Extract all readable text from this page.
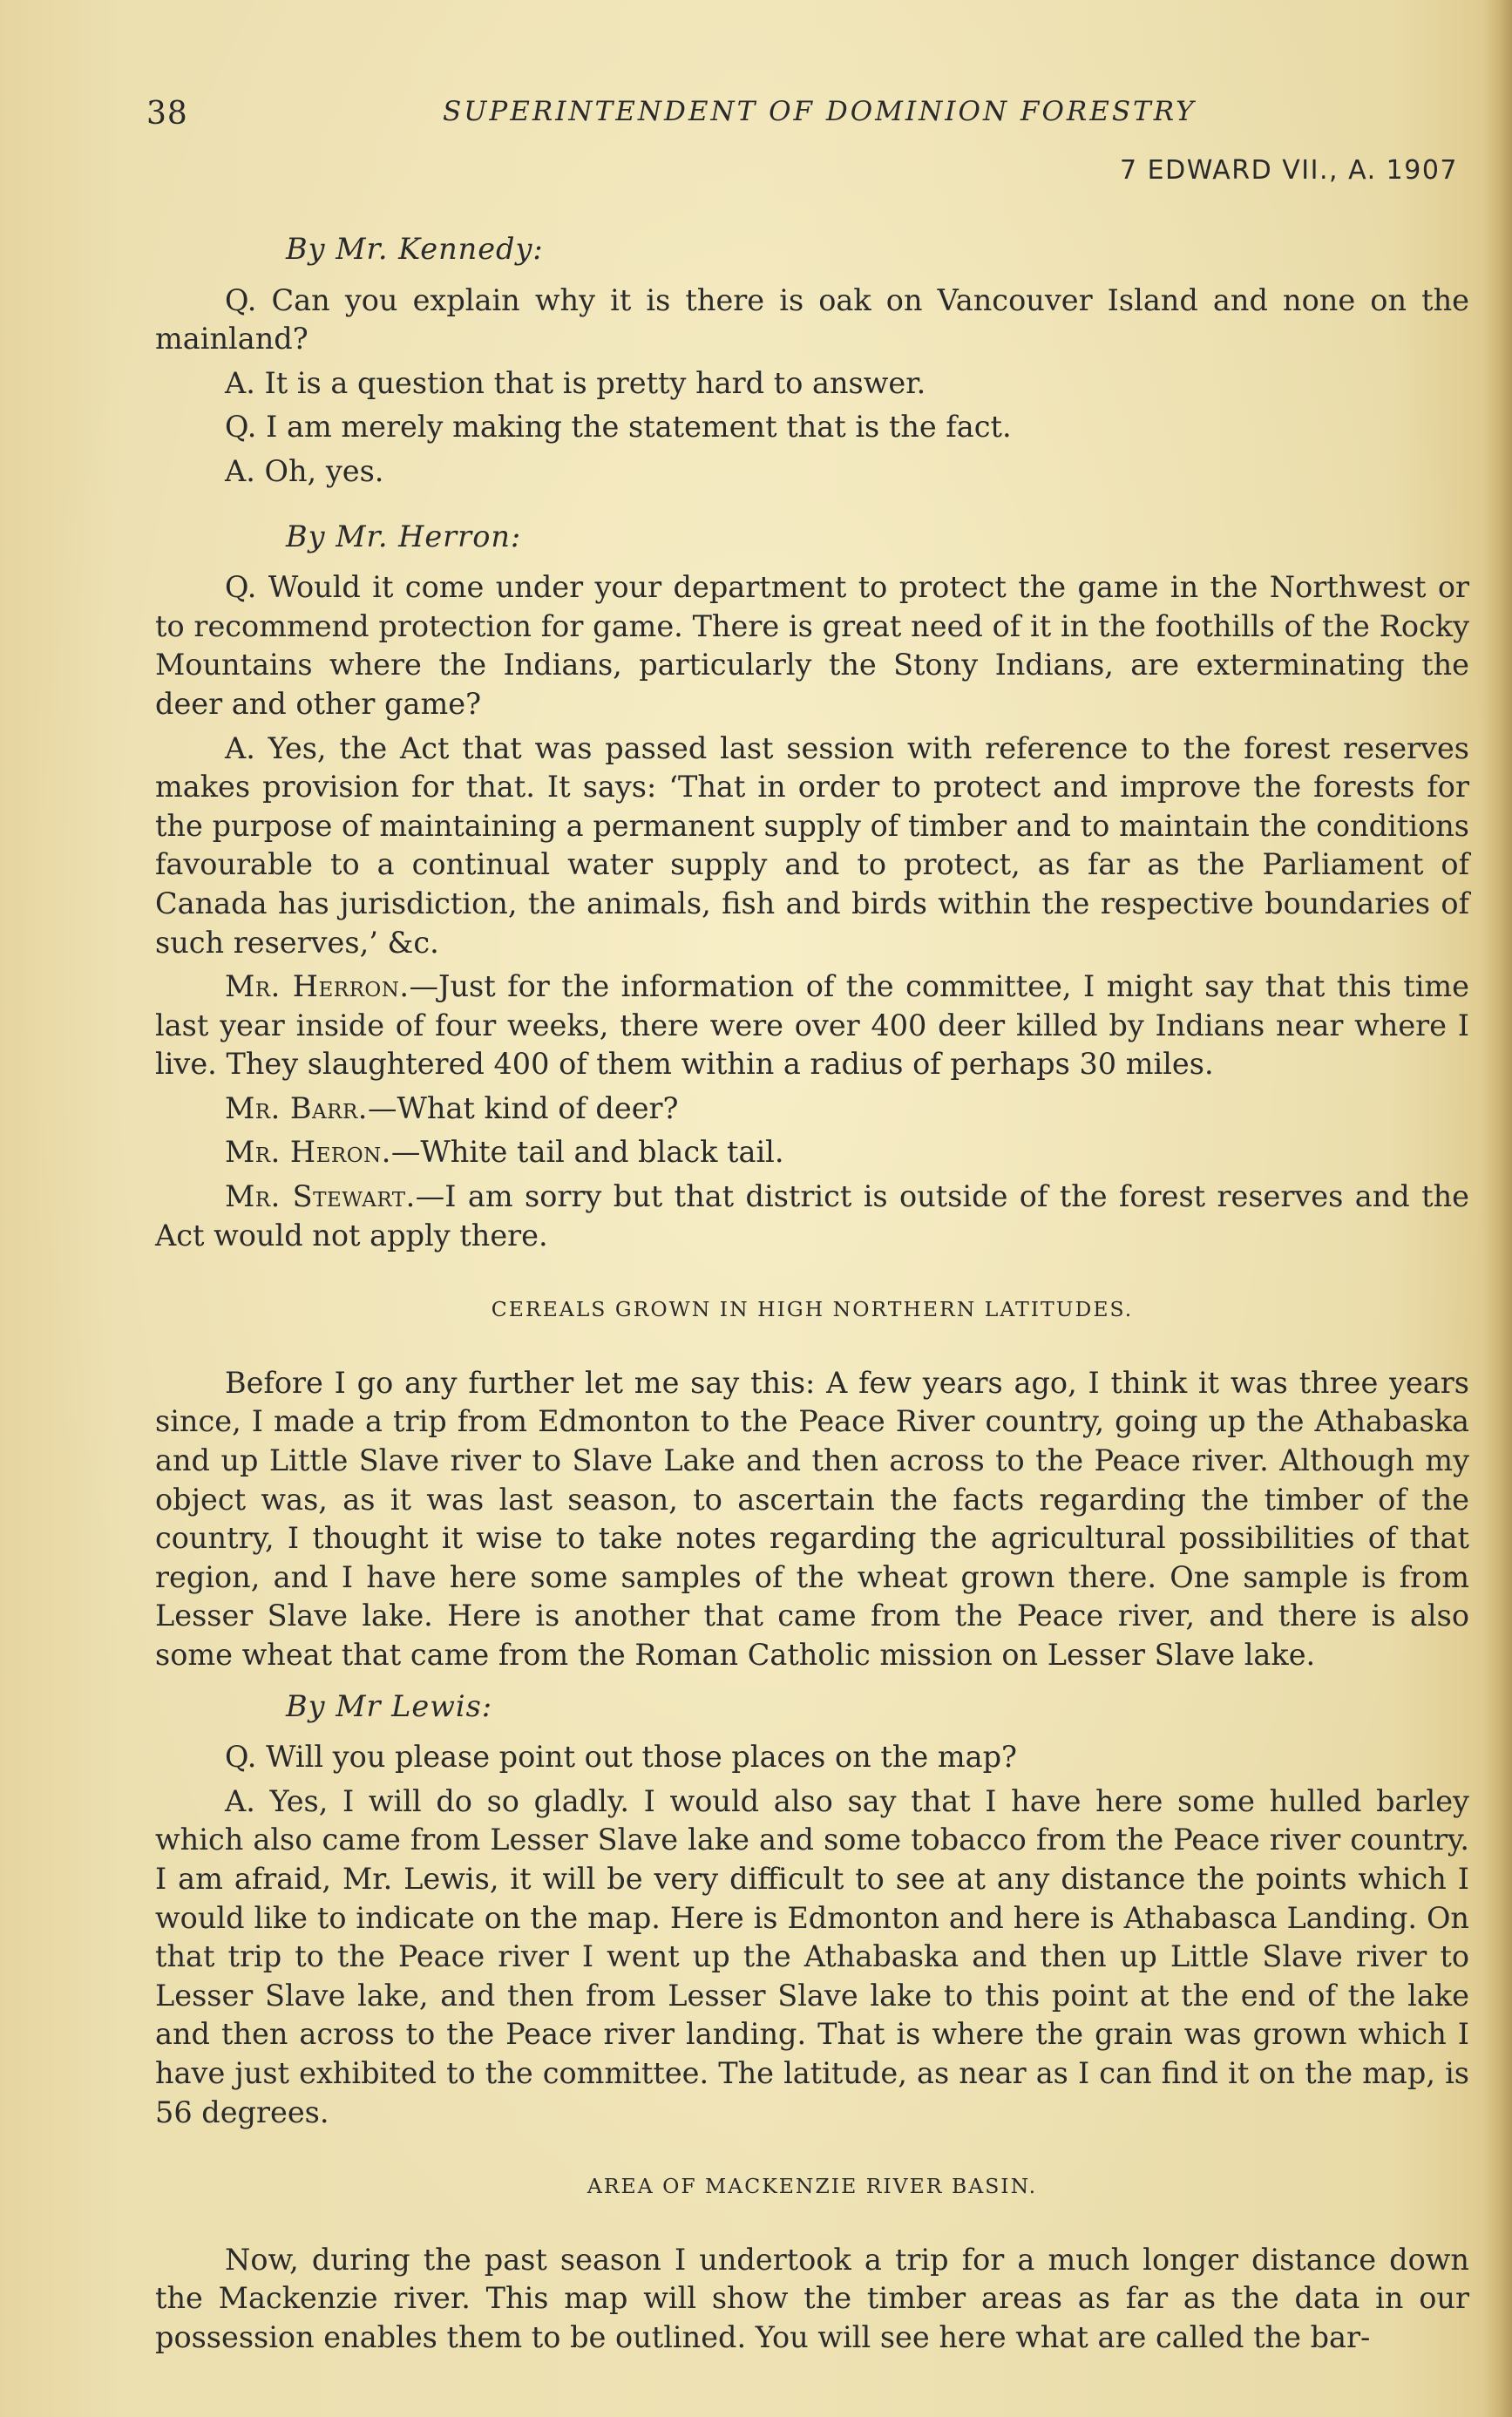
38	SUPERINTENDENT OF DOMINION FORESTRY
7 EDWARD VII., A. 1907

By Mr. Kennedy:

Q. Can you explain why it is there is oak on Vancouver Island and none on the mainland?

A. It is a question that is pretty hard to answer.

Q. I am merely making the statement that is the fact.

A. Oh, yes.

By Mr. Herron:

Q. Would it come under your department to protect the game in the Northwest or to recommend protection for game. There is great need of it in the foothills of the Rocky Mountains where the Indians, particularly the Stony Indians, are exterminating the deer and other game?

A. Yes, the Act that was passed last session with reference to the forest reserves makes provision for that. It says: ‘That in order to protect and improve the forests for the purpose of maintaining a permanent supply of timber and to maintain the conditions favourable to a continual water supply and to protect, as far as the Parliament of Canada has jurisdiction, the animals, fish and birds within the respective boundaries of such reserves,’ &c.

Mr. Herron.—Just for the information of the committee, I might say that this time last year inside of four weeks, there were over 400 deer killed by Indians near where I live. They slaughtered 400 of them within a radius of perhaps 30 miles.

Mr. Barr.—What kind of deer?

Mr. Heron.—White tail and black tail.

Mr. Stewart.—I am sorry but that district is outside of the forest reserves and the Act would not apply there.

CEREALS GROWN IN HIGH NORTHERN LATITUDES.

Before I go any further let me say this: A few years ago, I think it was three years since, I made a trip from Edmonton to the Peace River country, going up the Athabaska and up Little Slave river to Slave Lake and then across to the Peace river. Although my object was, as it was last season, to ascertain the facts regarding the timber of the country, I thought it wise to take notes regarding the agricultural possibilities of that region, and I have here some samples of the wheat grown there. One sample is from Lesser Slave lake. Here is another that came from the Peace river, and there is also some wheat that came from the Roman Catholic mission on Lesser Slave lake.

By Mr Lewis:

Q. Will you please point out those places on the map?

A. Yes, I will do so gladly. I would also say that I have here some hulled barley which also came from Lesser Slave lake and some tobacco from the Peace river country. I am afraid, Mr. Lewis, it will be very difficult to see at any distance the points which I would like to indicate on the map. Here is Edmonton and here is Athabasca Landing. On that trip to the Peace river I went up the Athabaska and then up Little Slave river to Lesser Slave lake, and then from Lesser Slave lake to this point at the end of the lake and then across to the Peace river landing. That is where the grain was grown which I have just exhibited to the committee. The latitude, as near as I can find it on the map, is 56 degrees.

AREA OF MACKENZIE RIVER BASIN.

Now, during the past season I undertook a trip for a much longer distance down the Mackenzie river. This map will show the timber areas as far as the data in our possession enables them to be outlined. You will see here what are called the bar-
